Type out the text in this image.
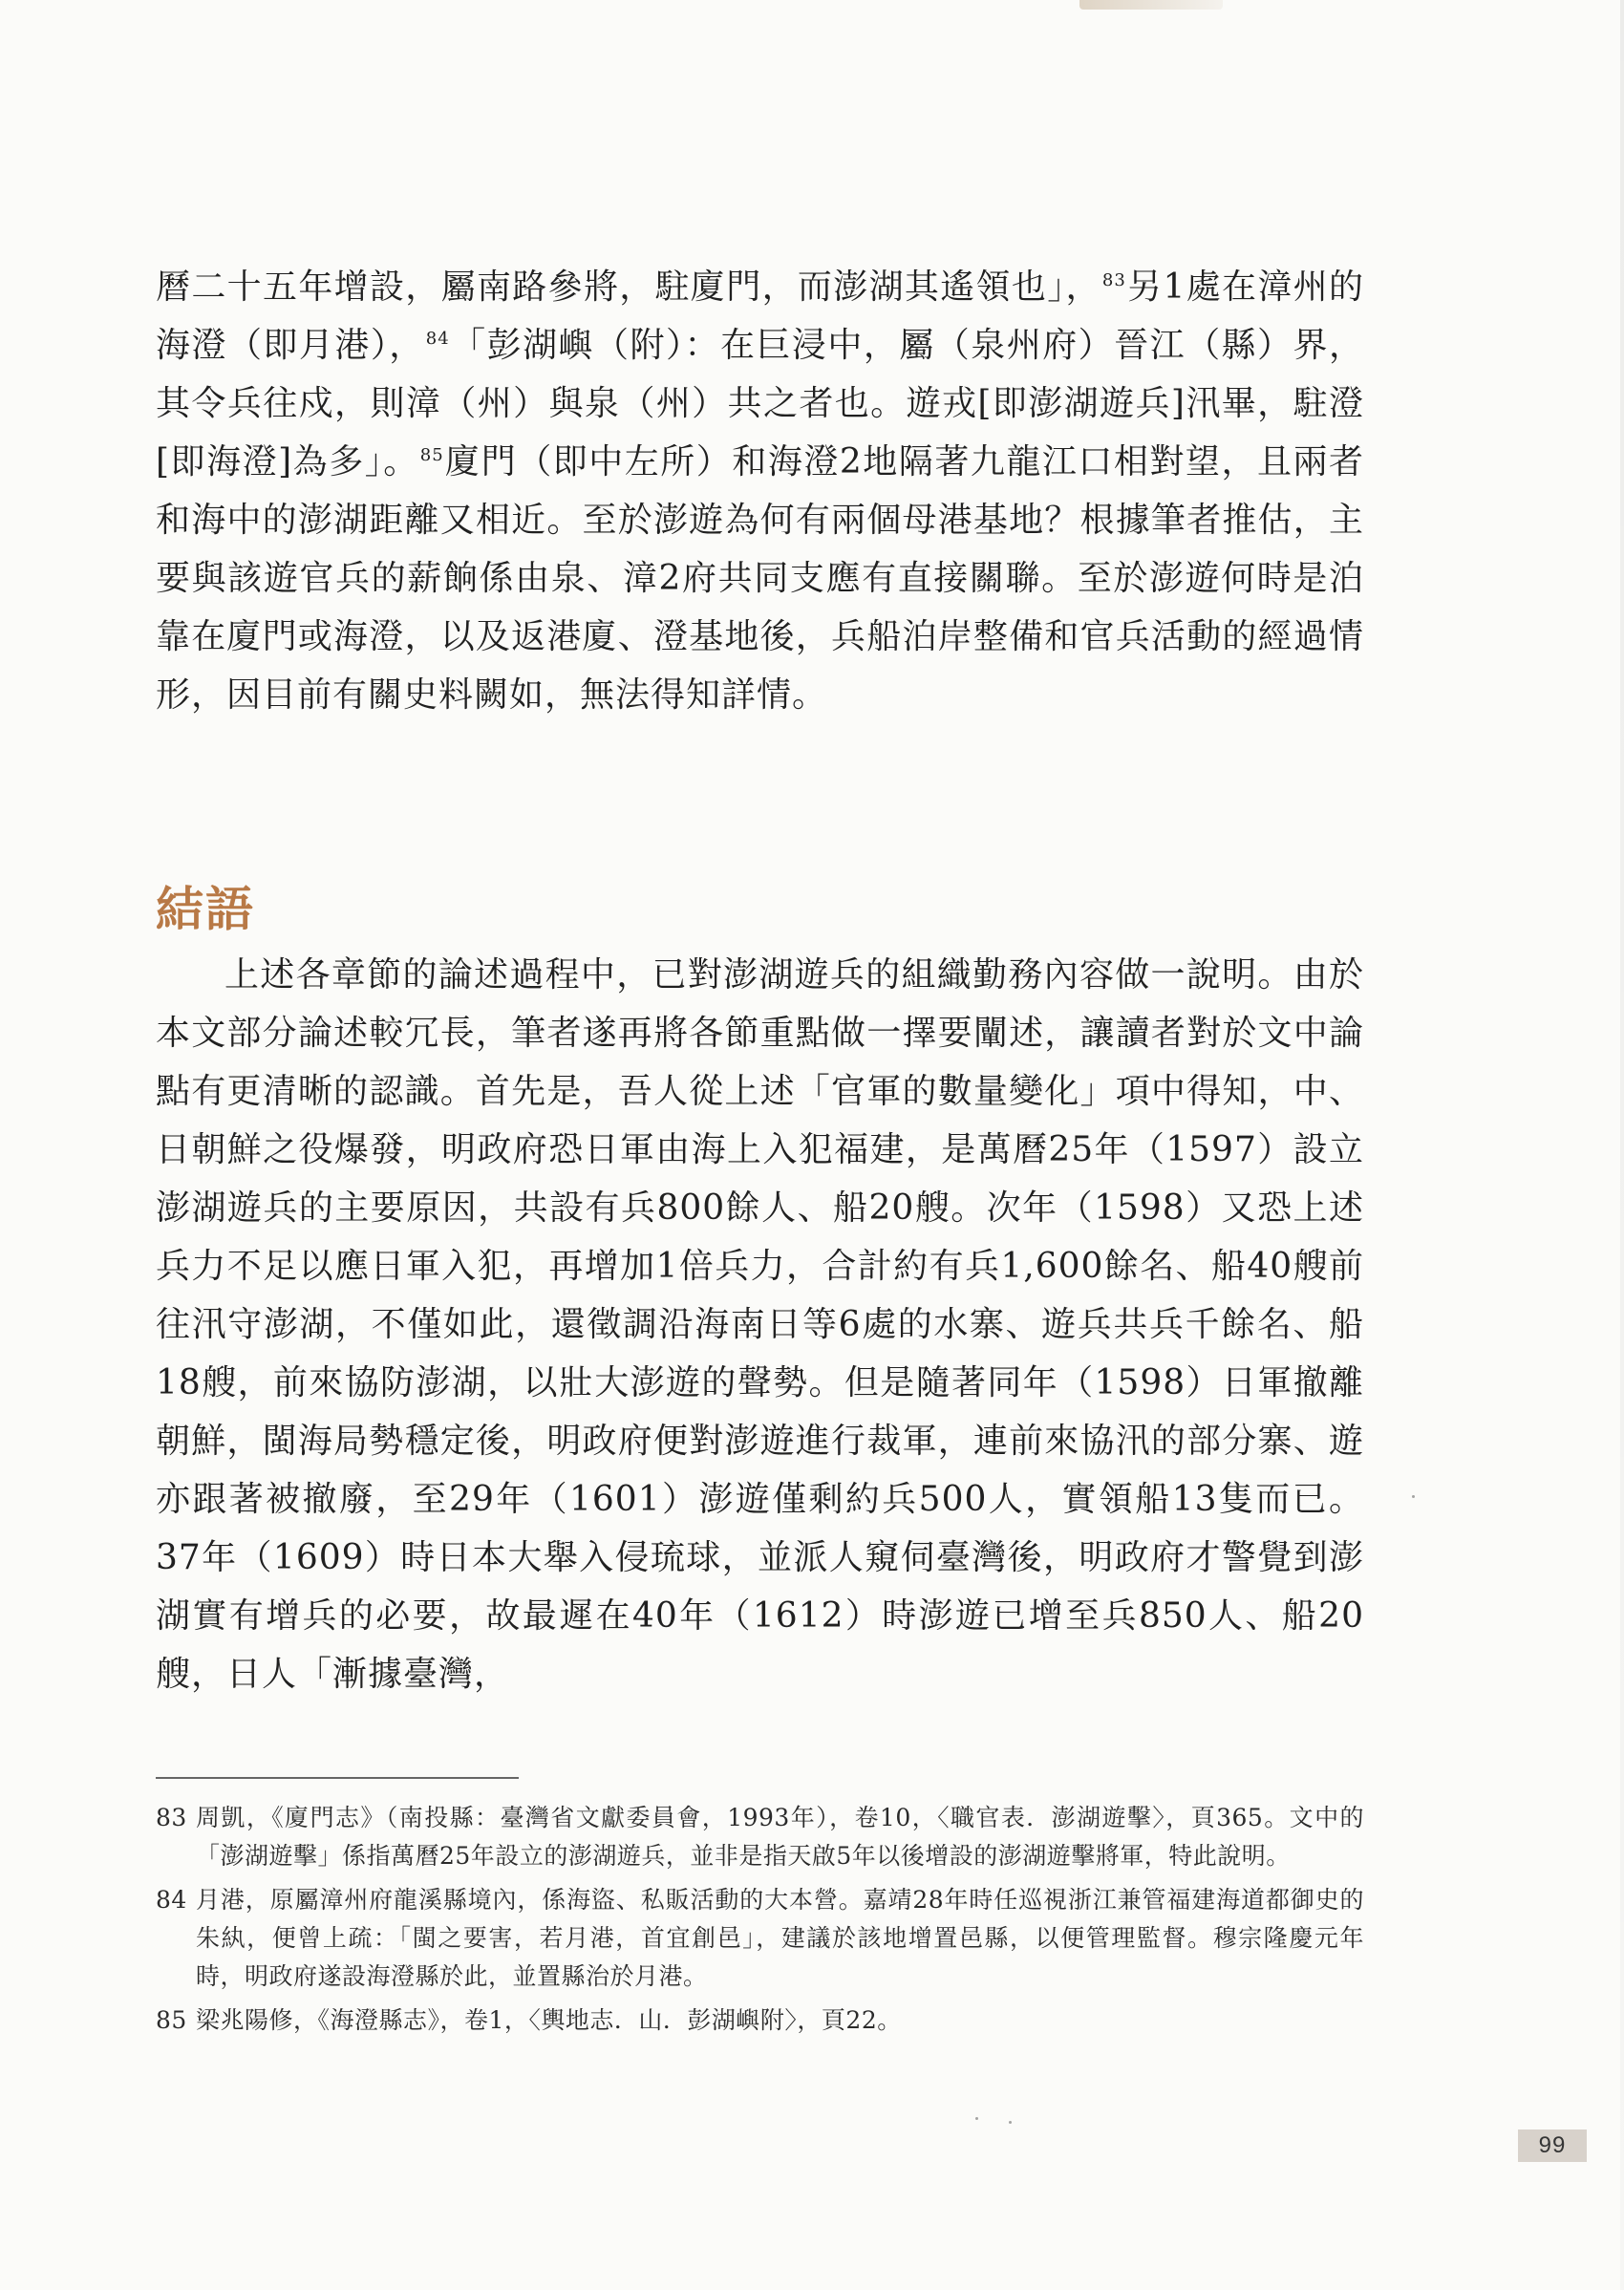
曆二十五年增設，屬南路參將，駐廈門，而澎湖其遙領也」，$^{83}$另1處在漳州的海澄（即月港），$^{84}$「彭湖嶼（附）：在巨浸中，屬（泉州府）晉江（縣）界，其令兵往戍，則漳（州）與泉（州）共之者也。遊戎[即澎湖遊兵]汛畢，駐澄[即海澄]為多」。$^{85}$廈門（即中左所）和海澄2地隔著九龍江口相對望，且兩者和海中的澎湖距離又相近。至於澎遊為何有兩個母港基地？根據筆者推估，主要與該遊官兵的薪餉係由泉、漳2府共同支應有直接關聯。至於澎遊何時是泊靠在廈門或海澄，以及返港廈、澄基地後，兵船泊岸整備和官兵活動的經過情形，因目前有關史料闕如，無法得知詳情。

結語

上述各章節的論述過程中，已對澎湖遊兵的組織勤務內容做一說明。由於本文部分論述較冗長，筆者遂再將各節重點做一擇要闡述，讓讀者對於文中論點有更清晰的認識。首先是，吾人從上述「官軍的數量變化」項中得知，中、日朝鮮之役爆發，明政府恐日軍由海上入犯福建，是萬曆25年（1597）設立澎湖遊兵的主要原因，共設有兵800餘人、船20艘。次年（1598）又恐上述兵力不足以應日軍入犯，再增加1倍兵力，合計約有兵1,600餘名、船40艘前往汛守澎湖，不僅如此，還徵調沿海南日等6處的水寨、遊兵共兵千餘名、船18艘，前來協防澎湖，以壯大澎遊的聲勢。但是隨著同年（1598）日軍撤離朝鮮，閩海局勢穩定後，明政府便對澎遊進行裁軍，連前來協汛的部分寨、遊亦跟著被撤廢，至29年（1601）澎遊僅剩約兵500人，實領船13隻而已。37年（1609）時日本大舉入侵琉球，並派人窺伺臺灣後，明政府才警覺到澎湖實有增兵的必要，故最遲在40年（1612）時澎遊已增至兵850人、船20艘，日人「漸據臺灣，

83 周凱，《廈門志》（南投縣：臺灣省文獻委員會，1993年），卷10，〈職官表．澎湖遊擊〉，頁365。文中的「澎湖遊擊」係指萬曆25年設立的澎湖遊兵，並非是指天啟5年以後增設的澎湖遊擊將軍，特此說明。
84 月港，原屬漳州府龍溪縣境內，係海盜、私販活動的大本營。嘉靖28年時任巡視浙江兼管福建海道都御史的朱紈，便曾上疏：「閩之要害，若月港，首宜創邑」，建議於該地增置邑縣，以便管理監督。穆宗隆慶元年時，明政府遂設海澄縣於此，並置縣治於月港。
85 梁兆陽修，《海澄縣志》，卷1，〈輿地志．山．彭湖嶼附〉，頁22。
99
